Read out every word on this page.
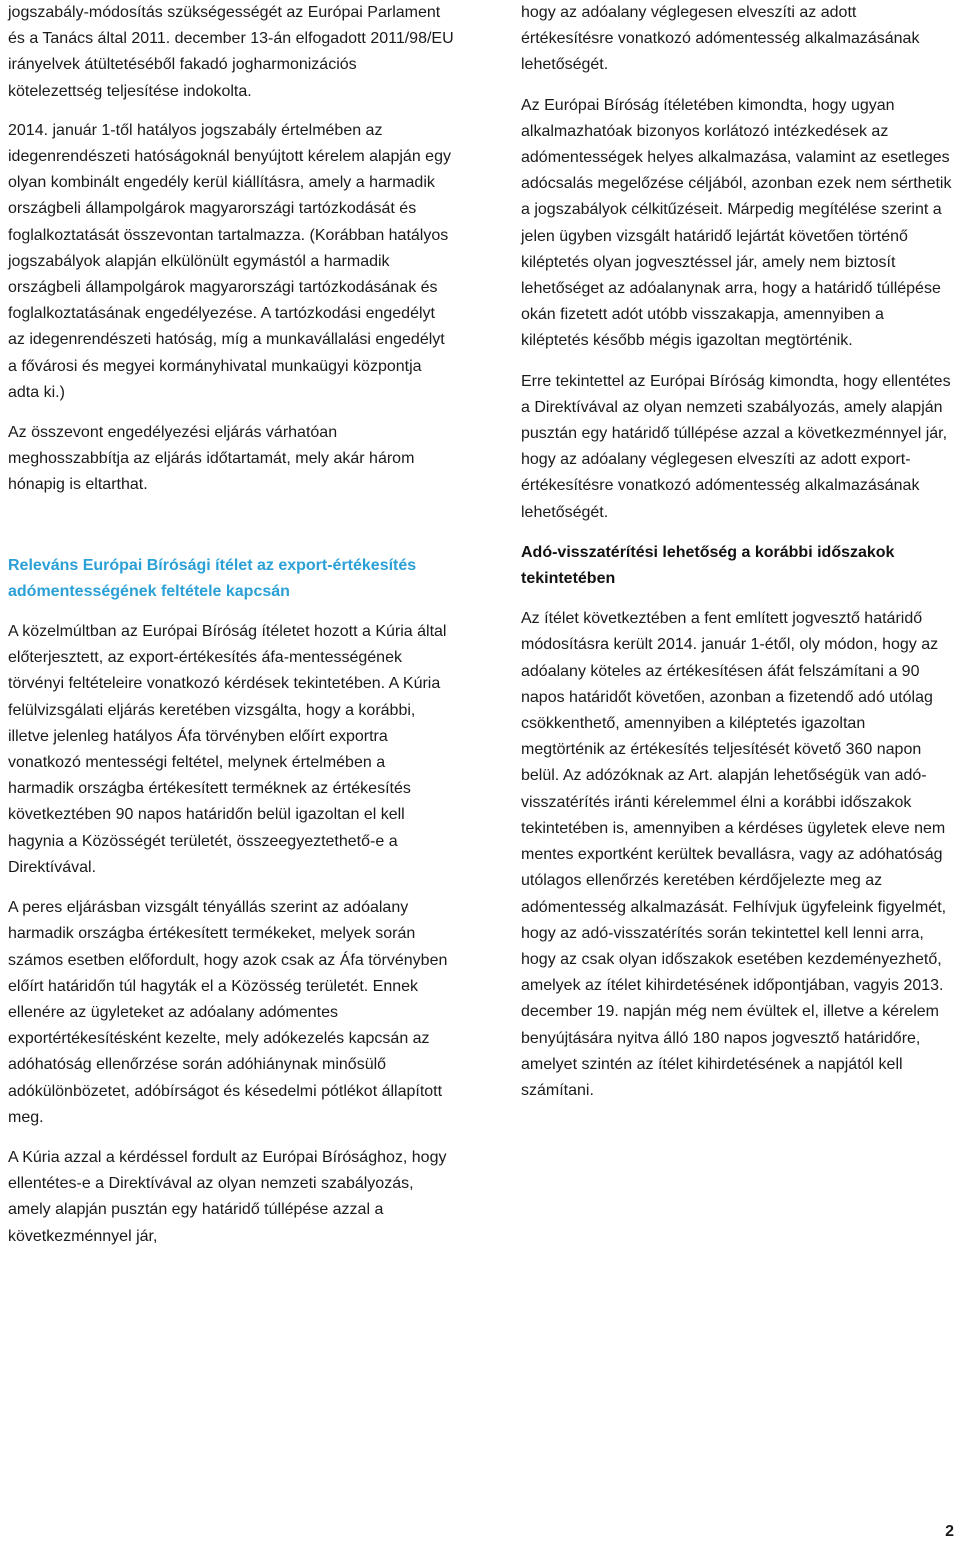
jogszabály-módosítás szükségességét az Európai Parlament és a Tanács által 2011. december 13-án elfogadott 2011/98/EU irányelvek átültetéséből fakadó jogharmonizációs kötelezettség teljesítése indokolta.

2014. január 1-től hatályos jogszabály értelmében az idegenrendészeti hatóságoknál benyújtott kérelem alapján egy olyan kombinált engedély kerül kiállításra, amely a harmadik országbeli állampolgárok magyarországi tartózkodását és foglalkoztatását összevontan tartalmazza. (Korábban hatályos jogszabályok alapján elkülönült egymástól a harmadik országbeli állampolgárok magyarországi tartózkodásának és foglalkoztatásának engedélyezése. A tartózkodási engedélyt az idegenrendészeti hatóság, míg a munkavállalási engedélyt a fővárosi és megyei kormányhivatal munkaügyi központja adta ki.)

Az összevont engedélyezési eljárás várhatóan meghosszabbítja az eljárás időtartamát, mely akár három hónapig is eltarthat.

Releváns Európai Bírósági ítélet az export-értékesítés adómentességének feltétele kapcsán

A közelmúltban az Európai Bíróság ítéletet hozott a Kúria által előterjesztett, az export-értékesítés áfa-mentességének törvényi feltételeire vonatkozó kérdések tekintetében. A Kúria felülvizsgálati eljárás keretében vizsgálta, hogy a korábbi, illetve jelenleg hatályos Áfa törvényben előírt exportra vonatkozó mentességi feltétel, melynek értelmében a harmadik országba értékesített terméknek az értékesítés következtében 90 napos határidőn belül igazoltan el kell hagynia a Közösségét területét, összeegyeztethető-e a Direktívával.

A peres eljárásban vizsgált tényállás szerint az adóalany harmadik országba értékesített termékeket, melyek során számos esetben előfordult, hogy azok csak az Áfa törvényben előírt határidőn túl hagyták el a Közösség területét. Ennek ellenére az ügyleteket az adóalany adómentes exportértékesítésként kezelte, mely adókezelés kapcsán az adóhatóság ellenőrzése során adóhiánynak minősülő adókülönbözetet, adóbírságot és késedelmi pótlékot állapított meg.

A Kúria azzal a kérdéssel fordult az Európai Bírósághoz, hogy ellentétes-e a Direktívával az olyan nemzeti szabályozás, amely alapján pusztán egy határidő túllépése azzal a következménnyel jár,

hogy az adóalany véglegesen elveszíti az adott értékesítésre vonatkozó adómentesség alkalmazásának lehetőségét.

Az Európai Bíróság ítéletében kimondta, hogy ugyan alkalmazhatóak bizonyos korlátozó intézkedések az adómentességek helyes alkalmazása, valamint az esetleges adócsalás megelőzése céljából, azonban ezek nem sérthetik a jogszabályok célkitűzéseit. Márpedig megítélése szerint a jelen ügyben vizsgált határidő lejártát követően történő kiléptetés olyan jogvesztéssel jár, amely nem biztosít lehetőséget az adóalanynak arra, hogy a határidő túllépése okán fizetett adót utóbb visszakapja, amennyiben a kiléptetés később mégis igazoltan megtörténik.

Erre tekintettel az Európai Bíróság kimondta, hogy ellentétes a Direktívával az olyan nemzeti szabályozás, amely alapján pusztán egy határidő túllépése azzal a következménnyel jár, hogy az adóalany véglegesen elveszíti az adott export-értékesítésre vonatkozó adómentesség alkalmazásának lehetőségét.

Adó-visszatérítési lehetőség a korábbi időszakok tekintetében

Az ítélet következtében a fent említett jogvesztő határidő módosításra került 2014. január 1-étől, oly módon, hogy az adóalany köteles az értékesítésen áfát felszámítani a 90 napos határidőt követően, azonban a fizetendő adó utólag csökkenthető, amennyiben a kiléptetés igazoltan megtörténik az értékesítés teljesítését követő 360 napon belül. Az adózóknak az Art. alapján lehetőségük van adó-visszatérítés iránti kérelemmel élni a korábbi időszakok tekintetében is, amennyiben a kérdéses ügyletek eleve nem mentes exportként kerültek bevallásra, vagy az adóhatóság utólagos ellenőrzés keretében kérdőjelezte meg az adómentesség alkalmazását. Felhívjuk ügyfeleink figyelmét, hogy az adó-visszatérítés során tekintettel kell lenni arra, hogy az csak olyan időszakok esetében kezdeményezhető, amelyek az ítélet kihirdetésének időpontjában, vagyis 2013. december 19. napján még nem évültek el, illetve a kérelem benyújtására nyitva álló 180 napos jogvesztő határidőre, amelyet szintén az ítélet kihirdetésének a napjától kell számítani.

2
